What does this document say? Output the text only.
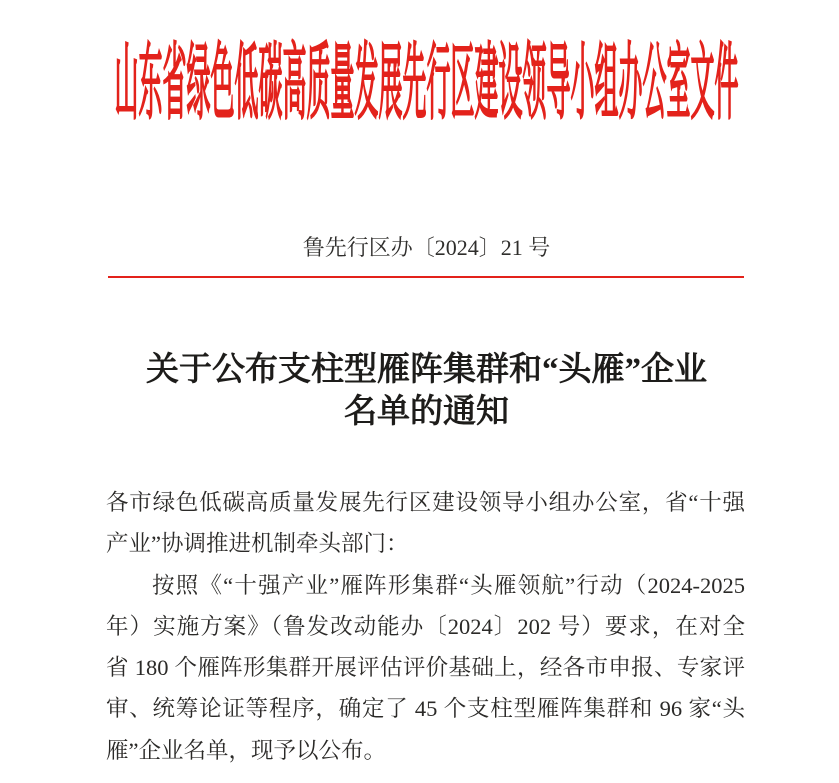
山东省绿色低碳高质量发展先行区建设领导小组办公室文件
鲁先行区办〔2024〕21 号
关于公布支柱型雁阵集群和“头雁”企业
名单的通知
各市绿色低碳高质量发展先行区建设领导小组办公室，省“十强
产业”协调推进机制牵头部门：
按照《“十强产业”雁阵形集群“头雁领航”行动（2024-2025
年）实施方案》（鲁发改动能办〔2024〕202 号）要求，在对全
省 180 个雁阵形集群开展评估评价基础上，经各市申报、专家评
审、统筹论证等程序，确定了 45 个支柱型雁阵集群和 96 家“头
雁”企业名单，现予以公布。
